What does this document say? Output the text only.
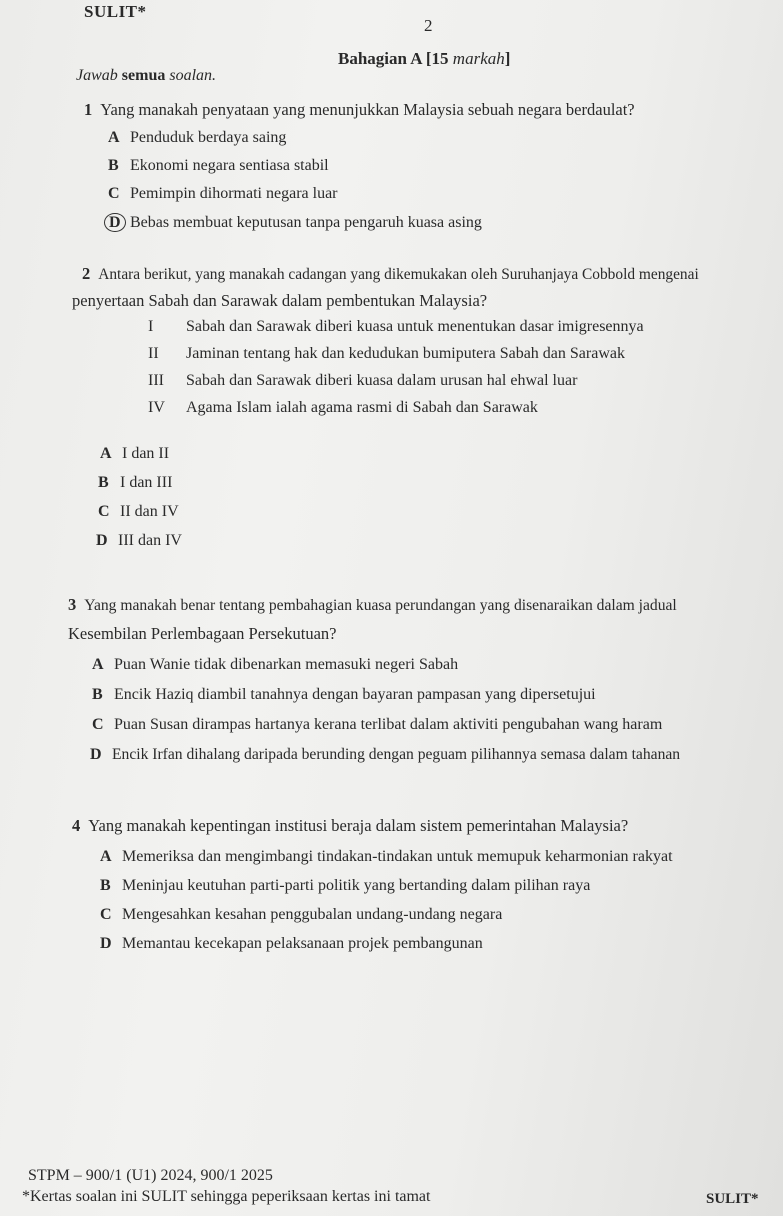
SULIT*
2
Bahagian A [15 markah]
Jawab semua soalan.
1 Yang manakah penyataan yang menunjukkan Malaysia sebuah negara berdaulat?
A Penduduk berdaya saing
B Ekonomi negara sentiasa stabil
C Pemimpin dihormati negara luar
D Bebas membuat keputusan tanpa pengaruh kuasa asing
2 Antara berikut, yang manakah cadangan yang dikemukakan oleh Suruhanjaya Cobbold mengenai
penyertaan Sabah dan Sarawak dalam pembentukan Malaysia?
I Sabah dan Sarawak diberi kuasa untuk menentukan dasar imigresennya
II Jaminan tentang hak dan kedudukan bumiputera Sabah dan Sarawak
III Sabah dan Sarawak diberi kuasa dalam urusan hal ehwal luar
IV Agama Islam ialah agama rasmi di Sabah dan Sarawak
A I dan II
B I dan III
C II dan IV
D III dan IV
3 Yang manakah benar tentang pembahagian kuasa perundangan yang disenaraikan dalam jadual
Kesembilan Perlembagaan Persekutuan?
A Puan Wanie tidak dibenarkan memasuki negeri Sabah
B Encik Haziq diambil tanahnya dengan bayaran pampasan yang dipersetujui
C Puan Susan dirampas hartanya kerana terlibat dalam aktiviti pengubahan wang haram
D Encik Irfan dihalang daripada berunding dengan peguam pilihannya semasa dalam tahanan
4 Yang manakah kepentingan institusi beraja dalam sistem pemerintahan Malaysia?
A Memeriksa dan mengimbangi tindakan-tindakan untuk memupuk keharmonian rakyat
B Meninjau keutuhan parti-parti politik yang bertanding dalam pilihan raya
C Mengesahkan kesahan penggubalan undang-undang negara
D Memantau kecekapan pelaksanaan projek pembangunan
STPM – 900/1 (U1) 2024, 900/1 2025
*Kertas soalan ini SULIT sehingga peperiksaan kertas ini tamat	SULIT*
